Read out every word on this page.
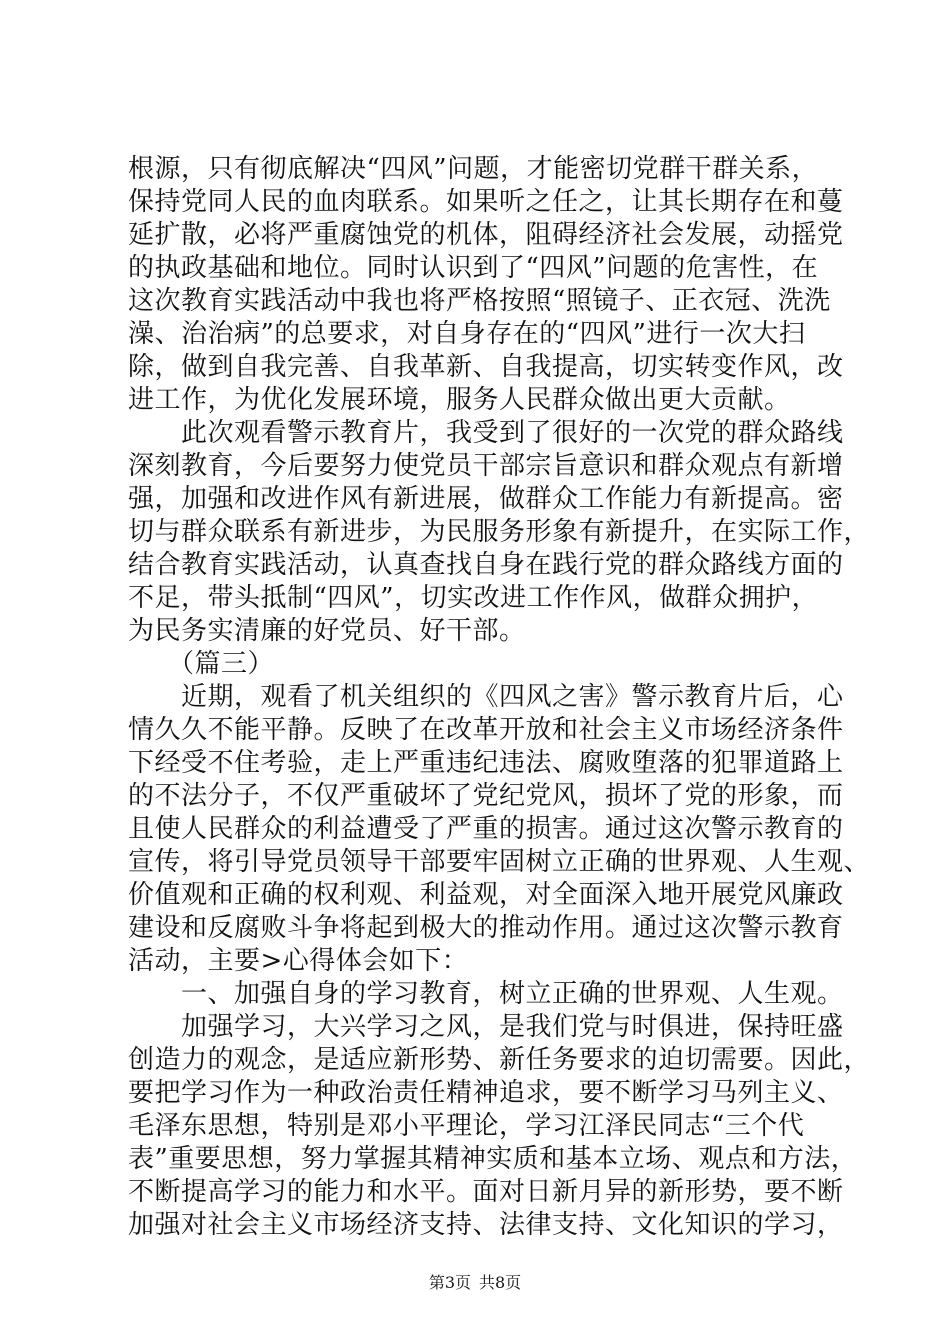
根源，只有彻底解决“四风”问题，才能密切党群干群关系，
保持党同人民的血肉联系。如果听之任之，让其长期存在和蔓
延扩散，必将严重腐蚀党的机体，阻碍经济社会发展，动摇党
的执政基础和地位。同时认识到了“四风”问题的危害性，在
这次教育实践活动中我也将严格按照“照镜子、正衣冠、洗洗
澡、治治病”的总要求，对自身存在的“四风”进行一次大扫
除，做到自我完善、自我革新、自我提高，切实转变作风，改
进工作，为优化发展环境，服务人民群众做出更大贡献。
　　此次观看警示教育片，我受到了很好的一次党的群众路线
深刻教育，今后要努力使党员干部宗旨意识和群众观点有新增
强，加强和改进作风有新进展，做群众工作能力有新提高。密
切与群众联系有新进步，为民服务形象有新提升，在实际工作，
结合教育实践活动，认真查找自身在践行党的群众路线方面的
不足，带头抵制“四风”，切实改进工作作风，做群众拥护，
为民务实清廉的好党员、好干部。
　　（篇三）
　　近期，观看了机关组织的《四风之害》警示教育片后，心
情久久不能平静。反映了在改革开放和社会主义市场经济条件
下经受不住考验，走上严重违纪违法、腐败堕落的犯罪道路上
的不法分子，不仅严重破坏了党纪党风，损坏了党的形象，而
且使人民群众的利益遭受了严重的损害。通过这次警示教育的
宣传，将引导党员领导干部要牢固树立正确的世界观、人生观、
价值观和正确的权利观、利益观，对全面深入地开展党风廉政
建设和反腐败斗争将起到极大的推动作用。通过这次警示教育
活动，主要>心得体会如下：
　　一、加强自身的学习教育，树立正确的世界观、人生观。
　　加强学习，大兴学习之风，是我们党与时俱进，保持旺盛
创造力的观念，是适应新形势、新任务要求的迫切需要。因此，
要把学习作为一种政治责任精神追求，要不断学习马列主义、
毛泽东思想，特别是邓小平理论，学习江泽民同志“三个代
表”重要思想，努力掌握其精神实质和基本立场、观点和方法，
不断提高学习的能力和水平。面对日新月异的新形势，要不断
加强对社会主义市场经济支持、法律支持、文化知识的学习，
第3页 共8页
